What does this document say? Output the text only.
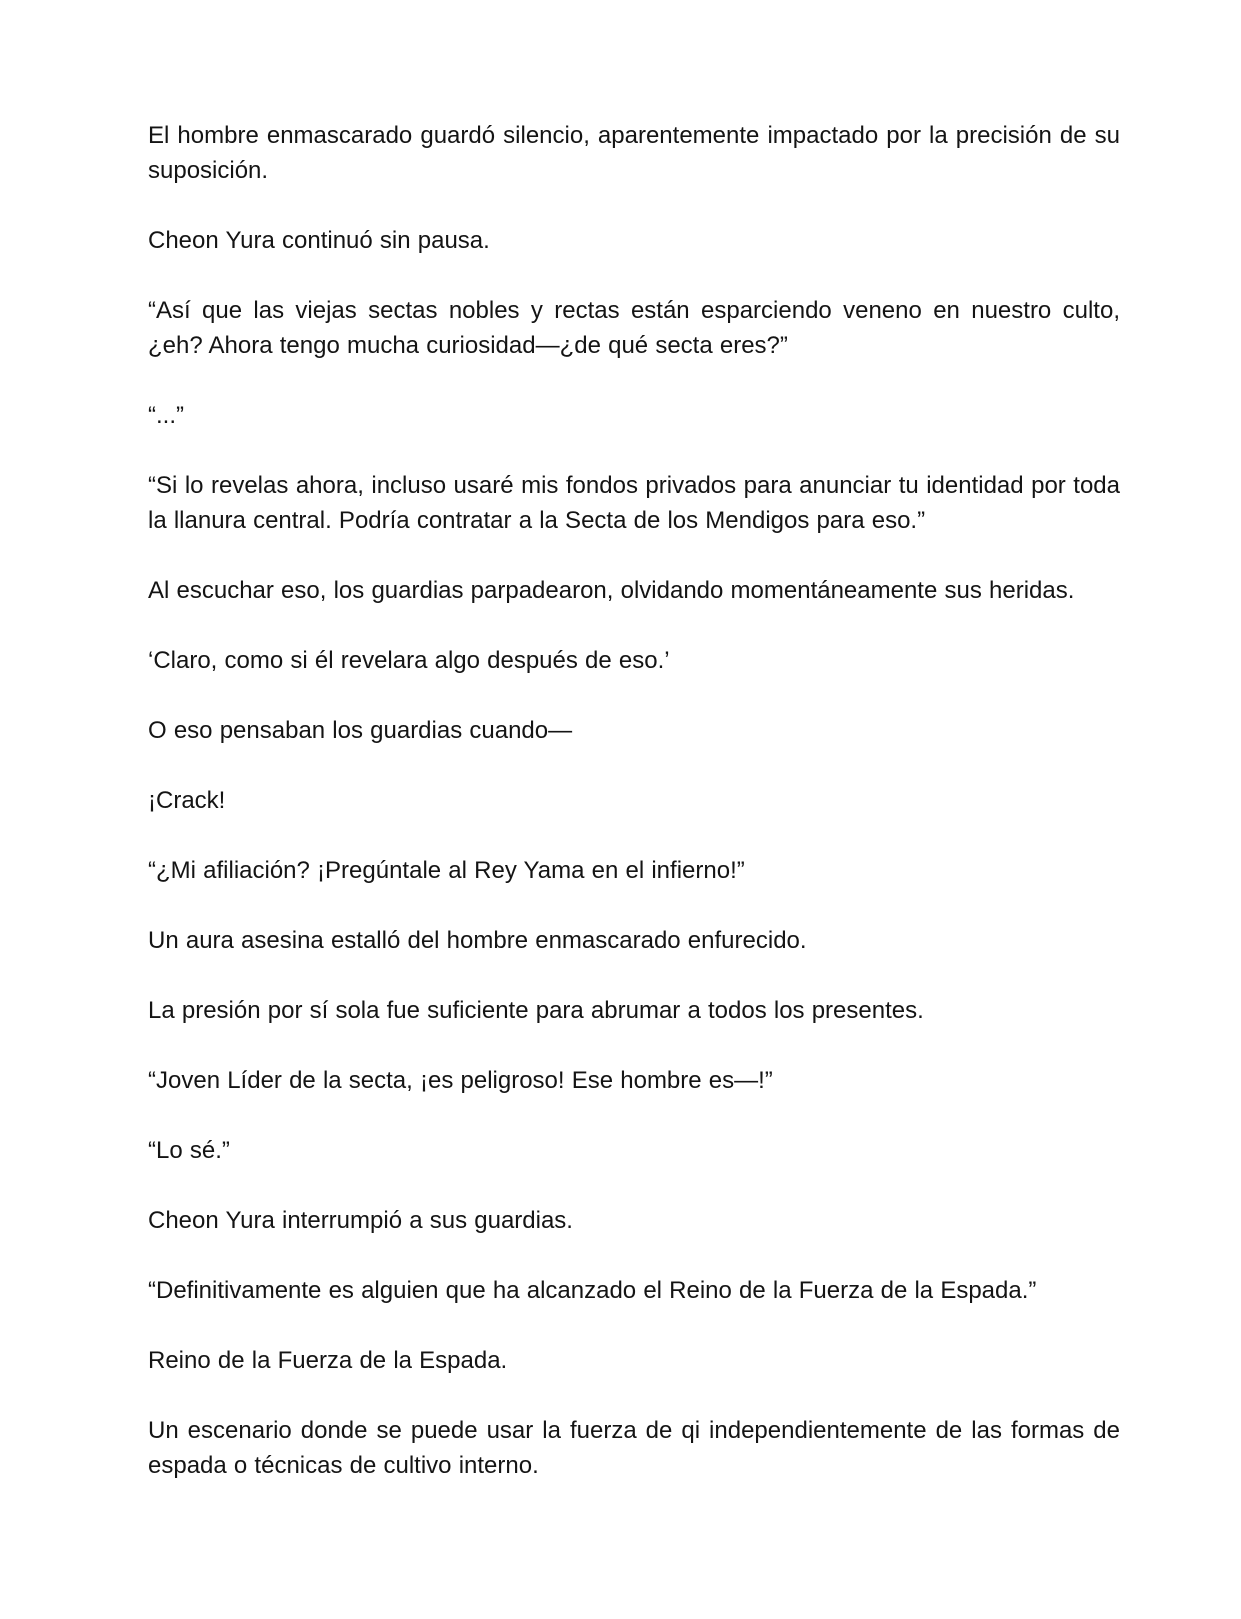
El hombre enmascarado guardó silencio, aparentemente impactado por la precisión de su suposición.

Cheon Yura continuó sin pausa.

“Así que las viejas sectas nobles y rectas están esparciendo veneno en nuestro culto, ¿eh? Ahora tengo mucha curiosidad—¿de qué secta eres?”

“...”

“Si lo revelas ahora, incluso usaré mis fondos privados para anunciar tu identidad por toda la llanura central. Podría contratar a la Secta de los Mendigos para eso.”

Al escuchar eso, los guardias parpadearon, olvidando momentáneamente sus heridas.

‘Claro, como si él revelara algo después de eso.’

O eso pensaban los guardias cuando—

¡Crack!

“¿Mi afiliación? ¡Pregúntale al Rey Yama en el infierno!”

Un aura asesina estalló del hombre enmascarado enfurecido.

La presión por sí sola fue suficiente para abrumar a todos los presentes.

“Joven Líder de la secta, ¡es peligroso! Ese hombre es—!”

“Lo sé.”

Cheon Yura interrumpió a sus guardias.

“Definitivamente es alguien que ha alcanzado el Reino de la Fuerza de la Espada.”

Reino de la Fuerza de la Espada.

Un escenario donde se puede usar la fuerza de qi independientemente de las formas de espada o técnicas de cultivo interno.
